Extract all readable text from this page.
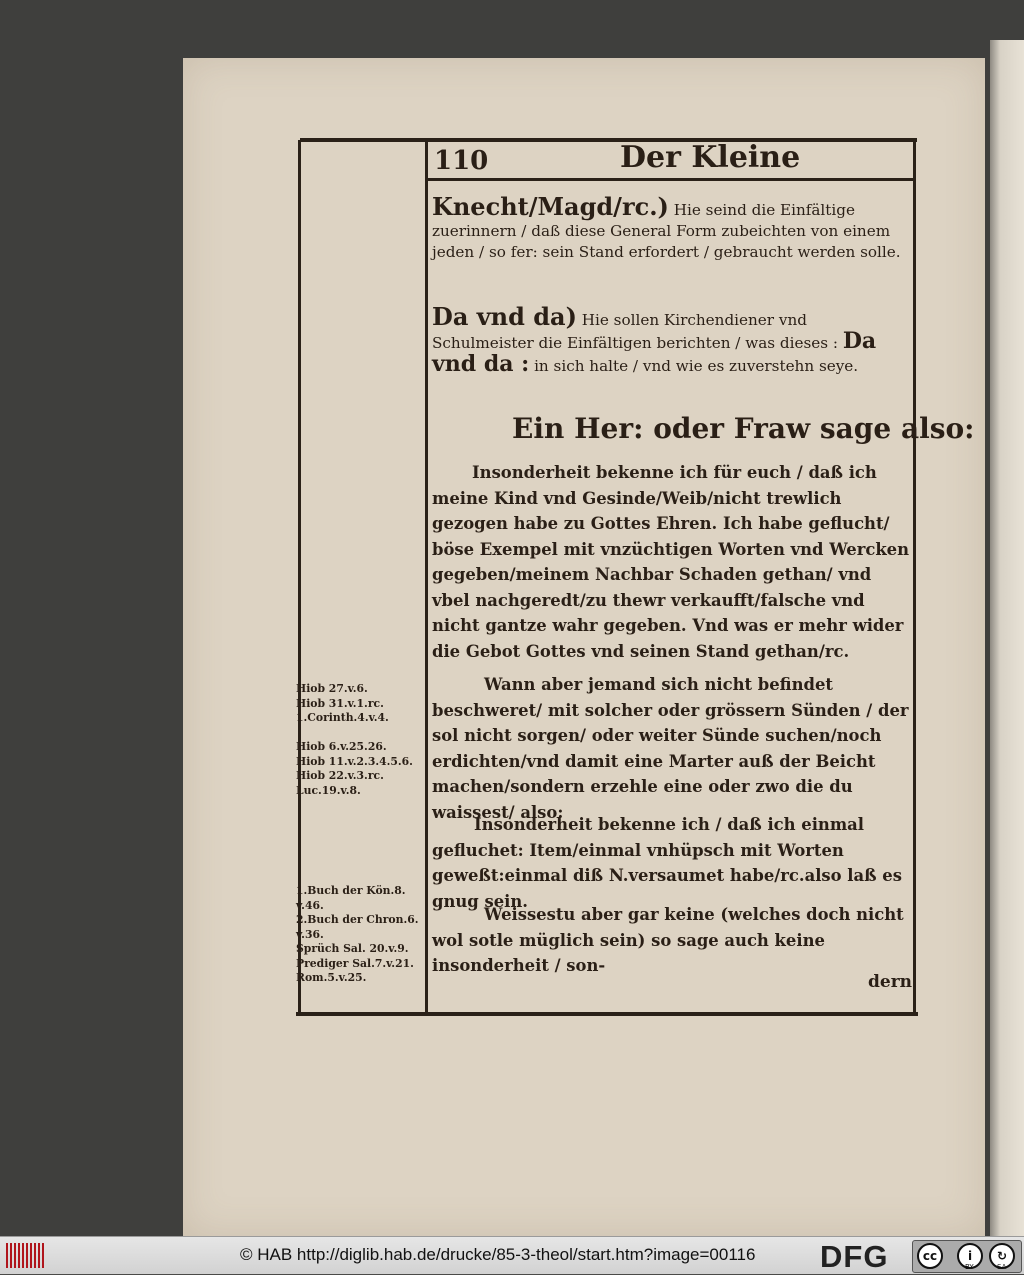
110	Der Kleine
Knecht/Magd/rc.) Hie seind die Einfältige zuerinnern / daß diese General Form zubeichten von einem jeden / so fer: sein Stand erfordert / gebraucht werden solle.
Da vnd da) Hie sollen Kirchendiener vnd Schulmeister die Einfältigen berichten / was dieses : Da vnd da : in sich halte / vnd wie es zuverstehn seye.
Ein Her: oder Fraw sage also:
Insonderheit bekenne ich für euch / daß ich meine Kind vnd Gesinde/Weib/nicht trewlich gezogen habe zu Gottes Ehren. Ich habe geflucht/ böse Exempel mit vnzüchtigen Worten vnd Wercken gegeben/meinem Nachbar Schaden gethan/ vnd vbel nachgeredt/zu thewr verkaufft/falsche vnd nicht gantze wahr gegeben. Vnd was er mehr wider die Gebot Gottes vnd seinen Stand gethan/rc.
Wann aber jemand sich nicht befindet beschweret/ mit solcher oder grössern Sünden / der sol nicht sorgen/ oder weiter Sünde suchen/noch erdichten/vnd damit eine Marter auß der Beicht machen/sondern erzehle eine oder zwo die du waissest/ also:
Insonderheit bekenne ich / daß ich einmal gefluchet: Item/einmal vnhüpsch mit Worten geweßt:einmal diß N.versaumet habe/rc.also laß es gnug sein.
Weissestu aber gar keine (welches doch nicht wol sotle müglich sein) so sage auch keine insonderheit / son-
dern
Hiob 27.v.6.
Hiob 31.v.1.rc.
1.Corinth.4.v.4.
Hiob 6.v.25.26.
Hiob 11.v.2.3.4.5.6.
Hiob 22.v.3.rc.
Luc.19.v.8.
1.Buch der Kön.8.
v.46.
2.Buch der Chron.6.
v.36.
Sprüch Sal. 20.v.9.
Prediger Sal.7.v.21.
Rom.5.v.25.
© HAB http://diglib.hab.de/drucke/85-3-theol/start.htm?image=00116 DFG	cc	i	↻
BY	SA
